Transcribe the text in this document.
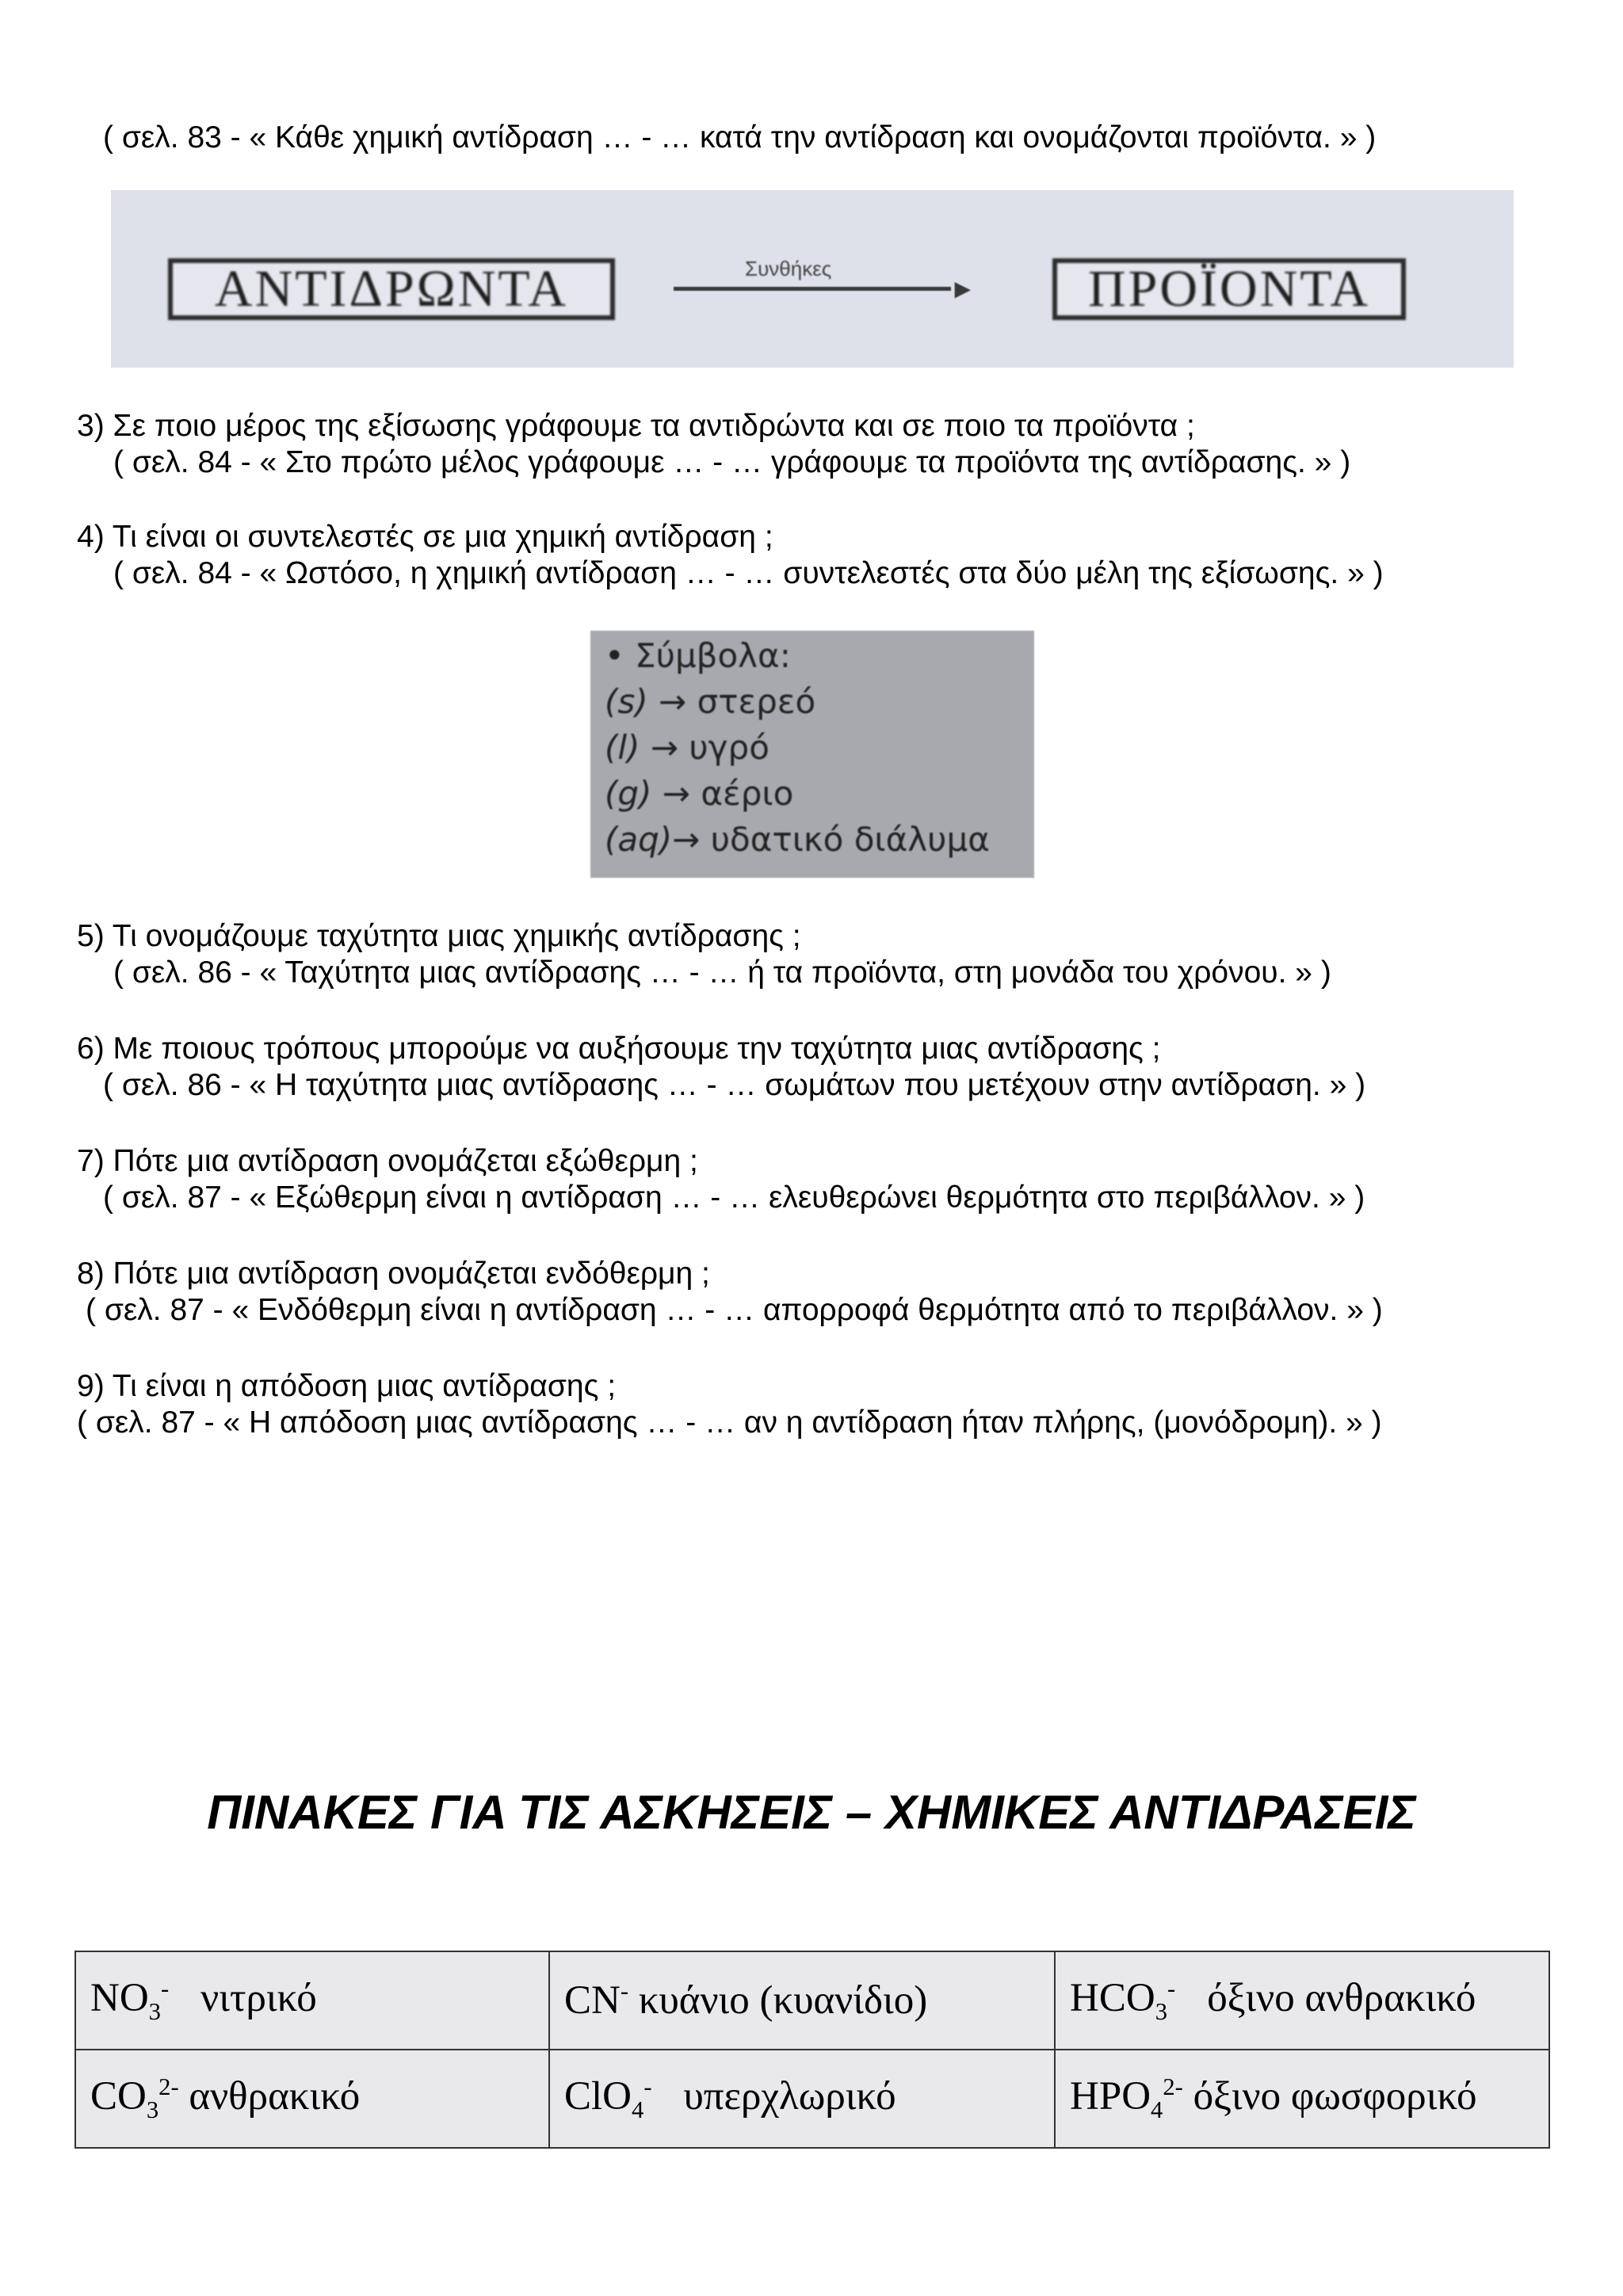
( σελ. 83 - « Κάθε χημική αντίδραση … - … κατά την αντίδραση και ονομάζονται προϊόντα. » )
ΑΝΤΙΔΡΩΝΤΑ	Συνθήκες
►	ΠΡΟΪΟΝΤΑ
3) Σε ποιο μέρος της εξίσωσης γράφουμε τα αντιδρώντα και σε ποιο τα προϊόντα ;
( σελ. 84 - « Στο πρώτο μέλος γράφουμε … - … γράφουμε τα προϊόντα της αντίδρασης. » )
4) Τι είναι οι συντελεστές σε μια χημική αντίδραση ;
( σελ. 84 - « Ωστόσο, η χημική αντίδραση … - … συντελεστές στα δύο μέλη της εξίσωσης. » )
• Σύμβολα:
(s) → στερεό
(l) → υγρό
(g) → αέριο
(aq)→ υδατικό διάλυμα
5) Τι ονομάζουμε ταχύτητα μιας χημικής αντίδρασης ;
( σελ. 86 - « Ταχύτητα μιας αντίδρασης … - … ή τα προϊόντα, στη μονάδα του χρόνου. » )
6) Με ποιους τρόπους μπορούμε να αυξήσουμε την ταχύτητα μιας αντίδρασης ;
( σελ. 86 - « Η ταχύτητα μιας αντίδρασης … - … σωμάτων που μετέχουν στην αντίδραση. » )
7) Πότε μια αντίδραση ονομάζεται εξώθερμη ;
( σελ. 87 - « Εξώθερμη είναι η αντίδραση … - … ελευθερώνει θερμότητα στο περιβάλλον. » )
8) Πότε μια αντίδραση ονομάζεται ενδόθερμη ;
( σελ. 87 - « Ενδόθερμη είναι η αντίδραση … - … απορροφά θερμότητα από το περιβάλλον. » )
9) Τι είναι η απόδοση μιας αντίδρασης ;
( σελ. 87 - « Η απόδοση μιας αντίδρασης … - … αν η αντίδραση ήταν πλήρης, (μονόδρομη). » )
ΠΙΝΑΚΕΣ ΓΙΑ ΤΙΣ ΑΣΚΗΣΕΙΣ – ΧΗΜΙΚΕΣ ΑΝΤΙΔΡΑΣΕΙΣ
$NO_3^-$ νιτρικό	CN- κυάνιο (κυανίδιο)	$HCO_3^-$ όξινο ανθρακικό
$CO_3^{2-}$ ανθρακικό	ClO$_4$- υπερχλωρικό	$HPO_4^{2-}$ όξινο φωσφορικό
